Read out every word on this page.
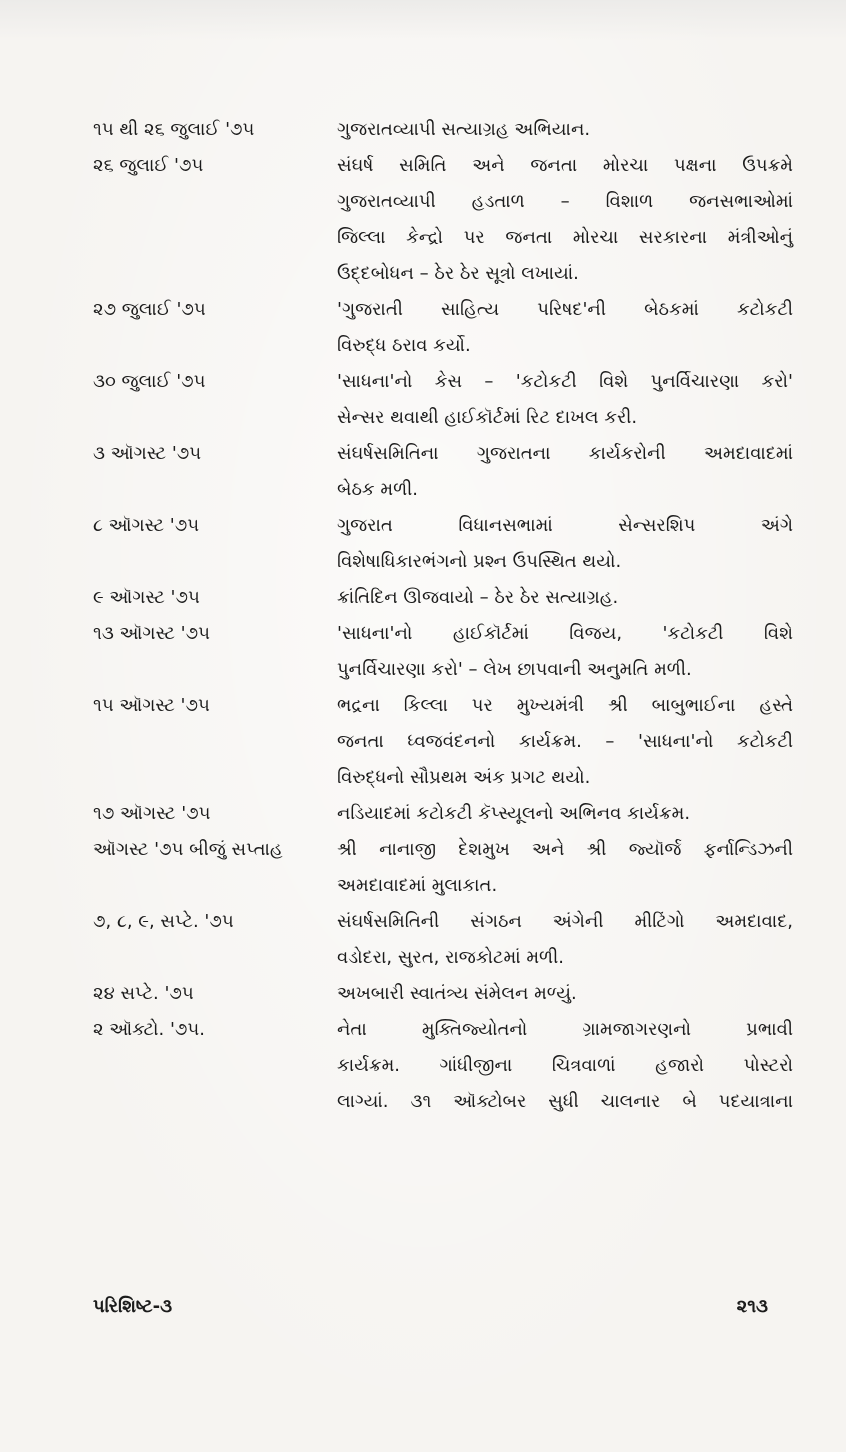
૧૫ થી ૨૬ જુલાઈ '૭૫	ગુજરાતવ્યાપી સત્યાગ્રહ અભિયાન.
૨૬ જુલાઈ '૭૫	સંઘર્ષ સમિતિ અને જનતા મોરચા પક્ષના ઉપક્રમે
ગુજરાતવ્યાપી હડતાળ – વિશાળ જનસભાઓમાં
જિલ્લા કેન્દ્રો પર જનતા મોરચા સરકારના મંત્રીઓનું
ઉદ્દબોધન – ઠેર ઠેર સૂત્રો લખાયાં.
૨૭ જુલાઈ '૭૫	'ગુજરાતી સાહિત્ય પરિષદ'ની બેઠકમાં કટોકટી
વિરુદ્ધ ઠરાવ કર્યો.
૩૦ જુલાઈ '૭૫	'સાધના'નો કેસ – 'કટોકટી વિશે પુનર્વિચારણા કરો'
સેન્સર થવાથી હાઈકૉર્ટમાં રિટ દાખલ કરી.
૩ ઑગસ્ટ '૭૫	સંઘર્ષસમિતિના ગુજરાતના કાર્યકરોની અમદાવાદમાં
બેઠક મળી.
૮ ઑગસ્ટ '૭૫	ગુજરાત વિધાનસભામાં સેન્સરશિપ અંગે
વિશેષાધિકારભંગનો પ્રશ્ન ઉપસ્થિત થયો.
૯ ઑગસ્ટ '૭૫	ક્રાંતિદિન ઊજવાયો – ઠેર ઠેર સત્યાગ્રહ.
૧૩ ઑગસ્ટ '૭૫	'સાધના'નો હાઈકૉર્ટમાં વિજય, 'કટોકટી વિશે
પુનર્વિચારણા કરો' – લેખ છાપવાની અનુમતિ મળી.
૧૫ ઑગસ્ટ '૭૫	ભદ્રના કિલ્લા પર મુખ્યમંત્રી શ્રી બાબુભાઈના હસ્તે
જનતા ધ્વજવંદનનો કાર્યક્રમ. – 'સાધના'નો કટોકટી
વિરુદ્ધનો સૌપ્રથમ અંક પ્રગટ થયો.
૧૭ ઑગસ્ટ '૭૫	નડિયાદમાં કટોકટી કૅપ્સ્યૂલનો અભિનવ કાર્યક્રમ.
ઑગસ્ટ '૭૫ બીજું સપ્તાહ	શ્રી નાનાજી દેશમુખ અને શ્રી જ્યૉર્જ ફર્નાન્ડિઝની
અમદાવાદમાં મુલાકાત.
૭, ૮, ૯, સપ્ટે. '૭૫	સંઘર્ષસમિતિની સંગઠન અંગેની મીટિંગો અમદાવાદ,
વડોદરા, સુરત, રાજકોટમાં મળી.
૨૪ સપ્ટે. '૭૫	અખબારી સ્વાતંત્ર્ય સંમેલન મળ્યું.
૨ ઑક્ટો. '૭૫.	નેતા મુક્તિજ્યોતનો ગ્રામજાગરણનો પ્રભાવી
કાર્યક્રમ. ગાંધીજીના ચિત્રવાળાં હજારો પોસ્ટરો
લાગ્યાં. ૩૧ ઑક્ટોબર સુધી ચાલનાર બે પદયાત્રાના
પરિશિષ્ટ-૩	૨૧૩
